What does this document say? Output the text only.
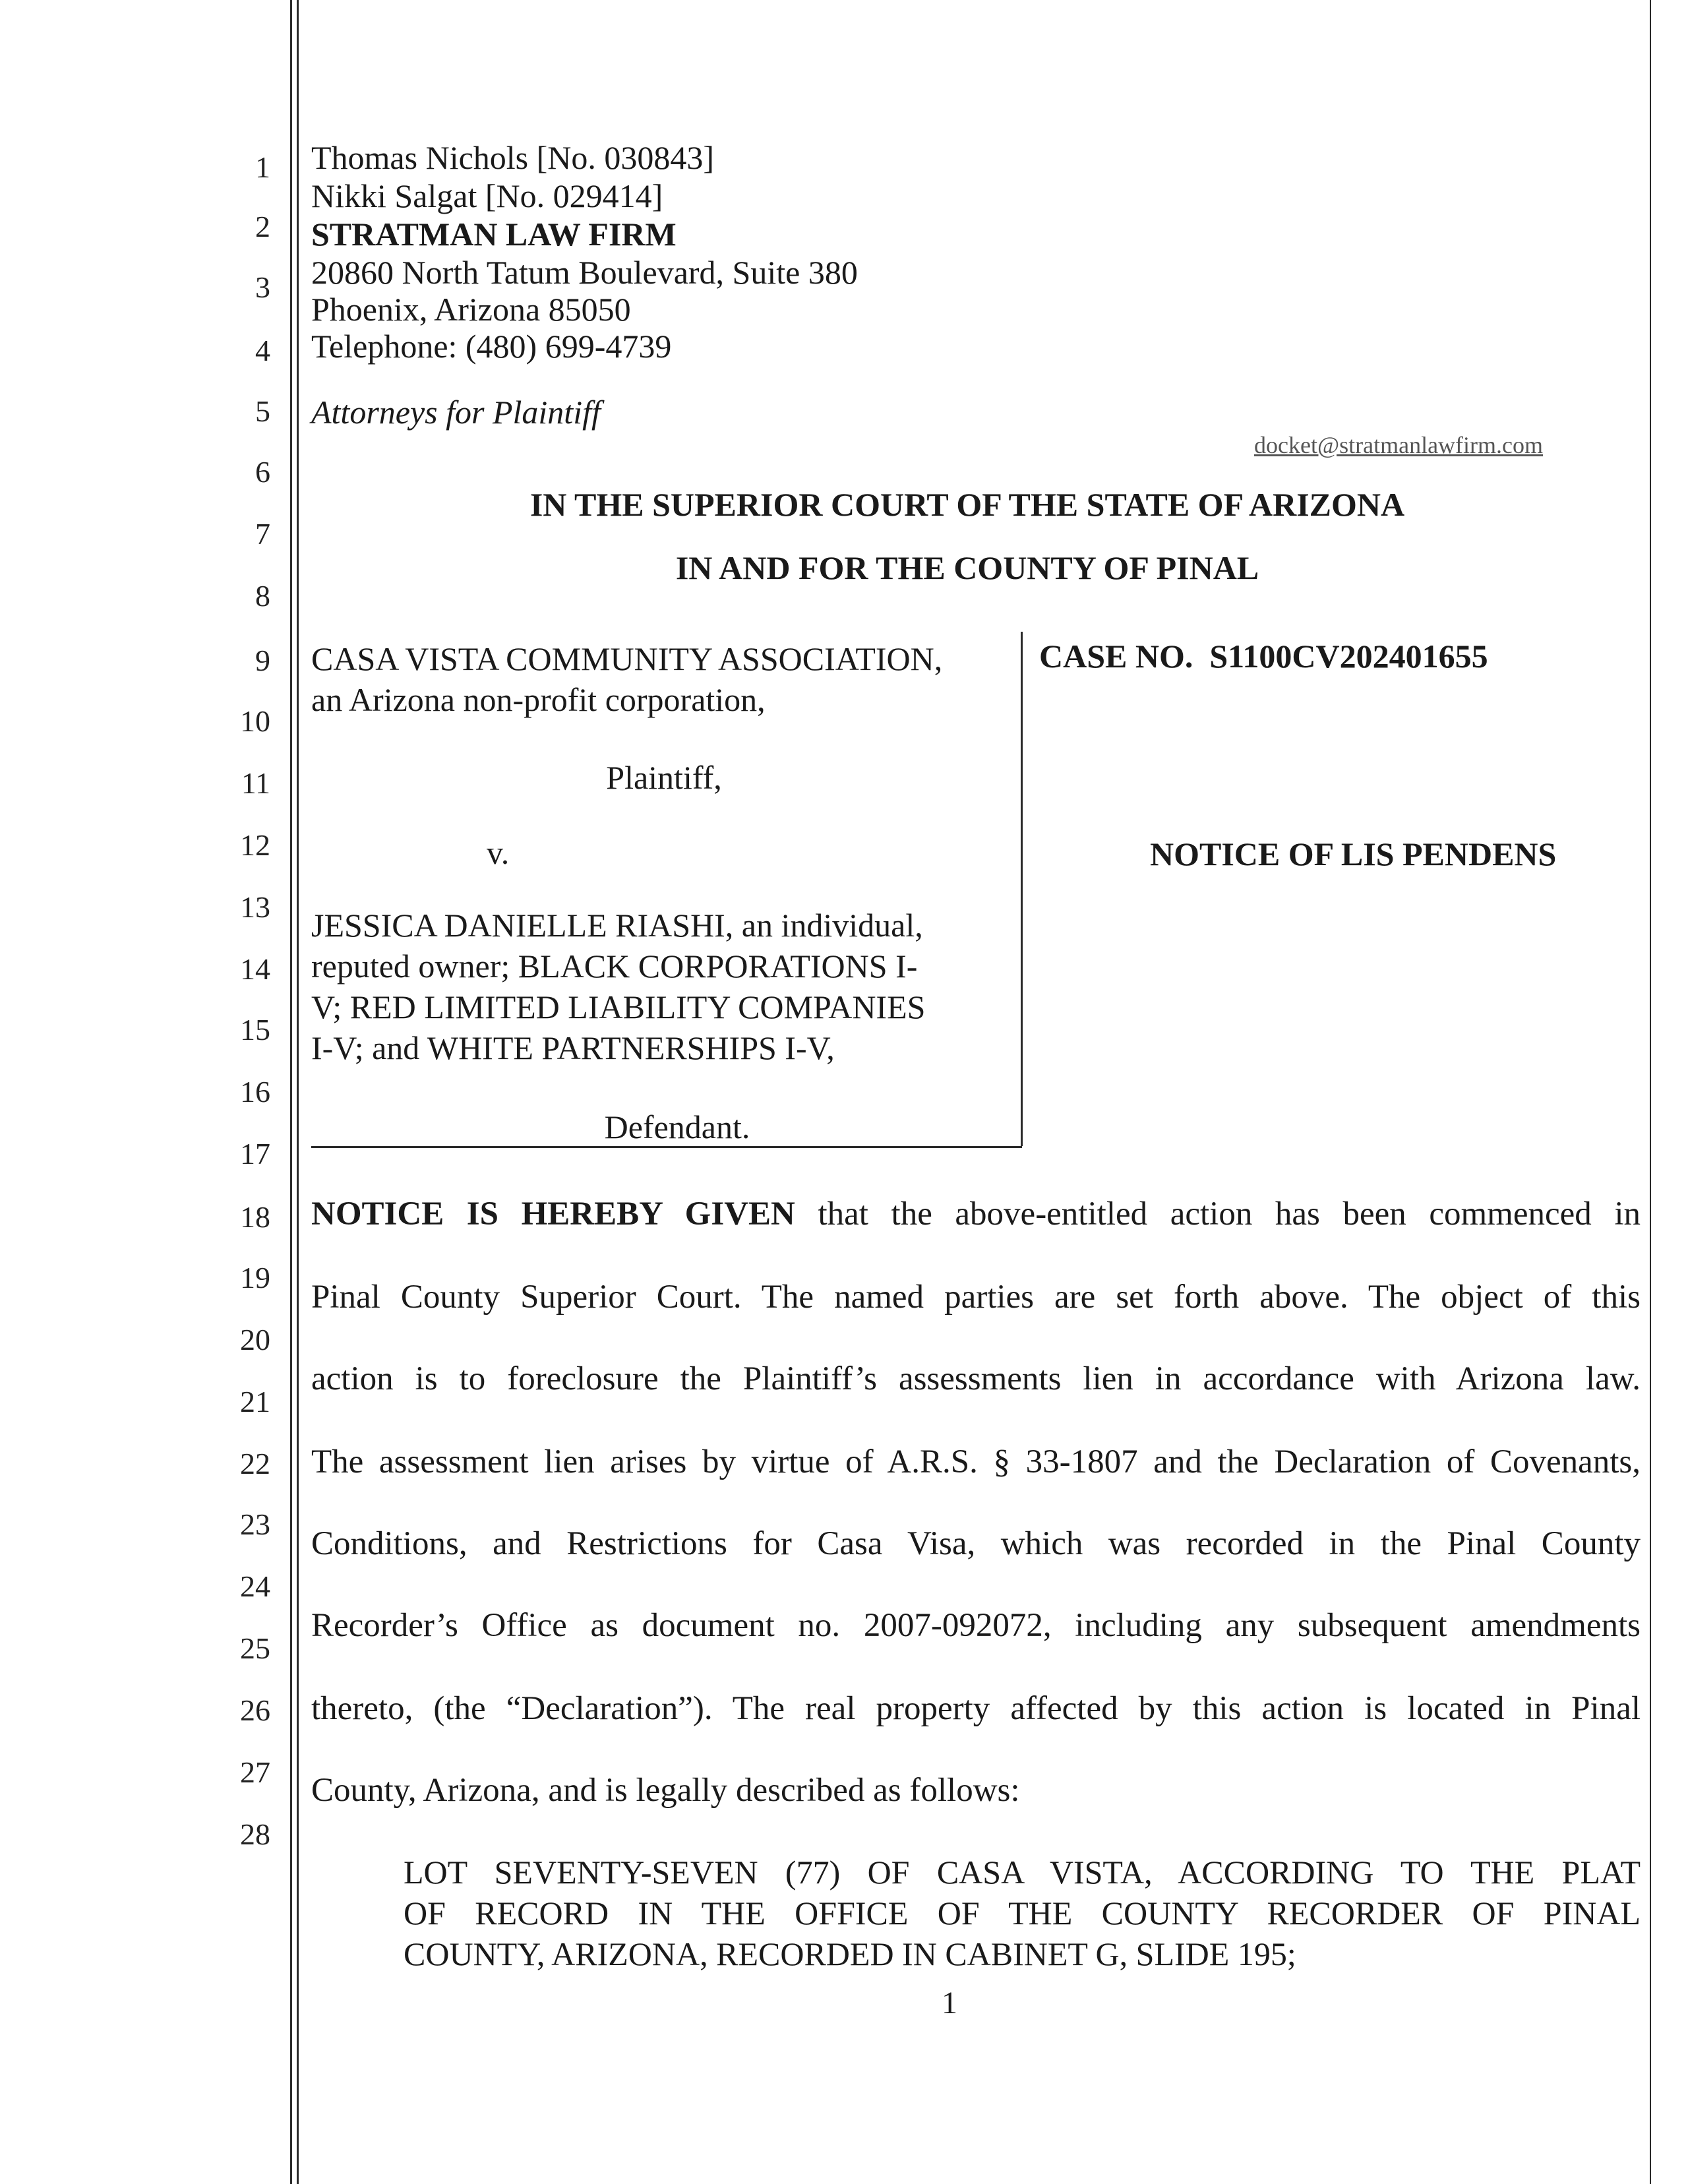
1
2
3
4
5
6
7
8
9
10
11
12
13
14
15
16
17
18
19
20
21
22
23
24
25
26
27
28
Thomas Nichols [No. 030843]
Nikki Salgat [No. 029414]
STRATMAN LAW FIRM
20860 North Tatum Boulevard, Suite 380
Phoenix, Arizona 85050
Telephone: (480) 699-4739
Attorneys for Plaintiff
docket@stratmanlawfirm.com
IN THE SUPERIOR COURT OF THE STATE OF ARIZONA
IN AND FOR THE COUNTY OF PINAL
CASA VISTA COMMUNITY ASSOCIATION,
an Arizona non-profit corporation,
Plaintiff,
v.
JESSICA DANIELLE RIASHI, an individual,
reputed owner; BLACK CORPORATIONS I-
V; RED LIMITED LIABILITY COMPANIES
I-V; and WHITE PARTNERSHIPS I-V,
Defendant.
CASE NO. S1100CV202401655
NOTICE OF LIS PENDENS
NOTICE IS HEREBY GIVEN that the above-entitled action has been commenced in
Pinal County Superior Court. The named parties are set forth above. The object of this
action is to foreclosure the Plaintiff’s assessments lien in accordance with Arizona law.
The assessment lien arises by virtue of A.R.S. § 33-1807 and the Declaration of Covenants,
Conditions, and Restrictions for Casa Visa, which was recorded in the Pinal County
Recorder’s Office as document no. 2007-092072, including any subsequent amendments
thereto, (the “Declaration”). The real property affected by this action is located in Pinal
County, Arizona, and is legally described as follows:
LOT SEVENTY-SEVEN (77) OF CASA VISTA, ACCORDING TO THE PLAT
OF RECORD IN THE OFFICE OF THE COUNTY RECORDER OF PINAL
COUNTY, ARIZONA, RECORDED IN CABINET G, SLIDE 195;
1
